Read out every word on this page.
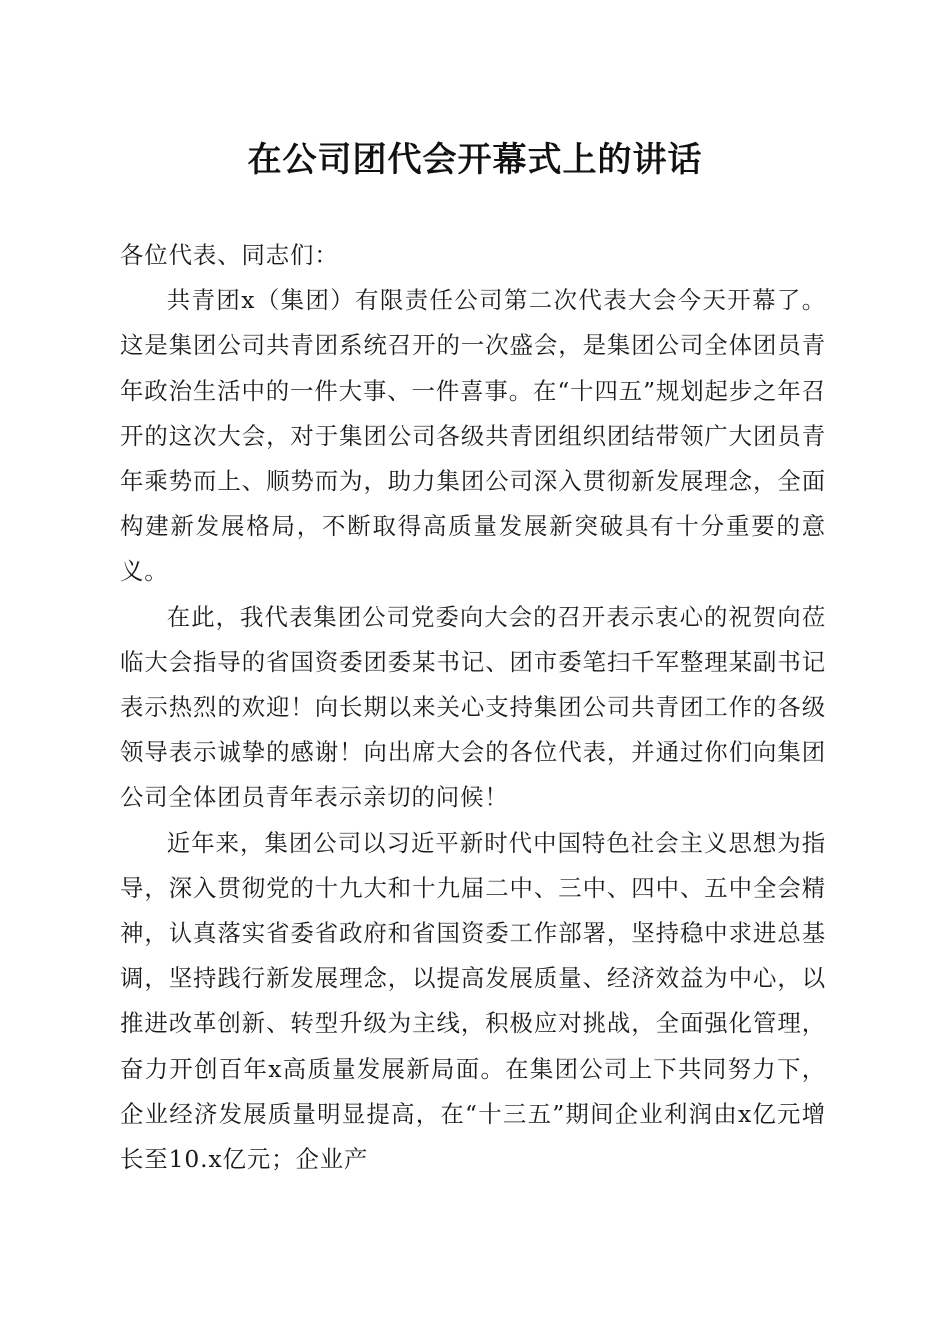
在公司团代会开幕式上的讲话

各位代表、同志们：

共青团x（集团）有限责任公司第二次代表大会今天开幕了。这是集团公司共青团系统召开的一次盛会，是集团公司全体团员青年政治生活中的一件大事、一件喜事。在“十四五”规划起步之年召开的这次大会，对于集团公司各级共青团组织团结带领广大团员青年乘势而上、顺势而为，助力集团公司深入贯彻新发展理念，全面构建新发展格局，不断取得高质量发展新突破具有十分重要的意义。

在此，我代表集团公司党委向大会的召开表示衷心的祝贺向莅临大会指导的省国资委团委某书记、团市委笔扫千军整理某副书记表示热烈的欢迎！向长期以来关心支持集团公司共青团工作的各级领导表示诚挚的感谢！向出席大会的各位代表，并通过你们向集团公司全体团员青年表示亲切的问候！

近年来，集团公司以习近平新时代中国特色社会主义思想为指导，深入贯彻党的十九大和十九届二中、三中、四中、五中全会精神，认真落实省委省政府和省国资委工作部署，坚持稳中求进总基调，坚持践行新发展理念，以提高发展质量、经济效益为中心，以推进改革创新、转型升级为主线，积极应对挑战，全面强化管理，奋力开创百年x高质量发展新局面。在集团公司上下共同努力下，企业经济发展质量明显提高，在“十三五”期间企业利润由x亿元增长至10.x亿元；企业产
